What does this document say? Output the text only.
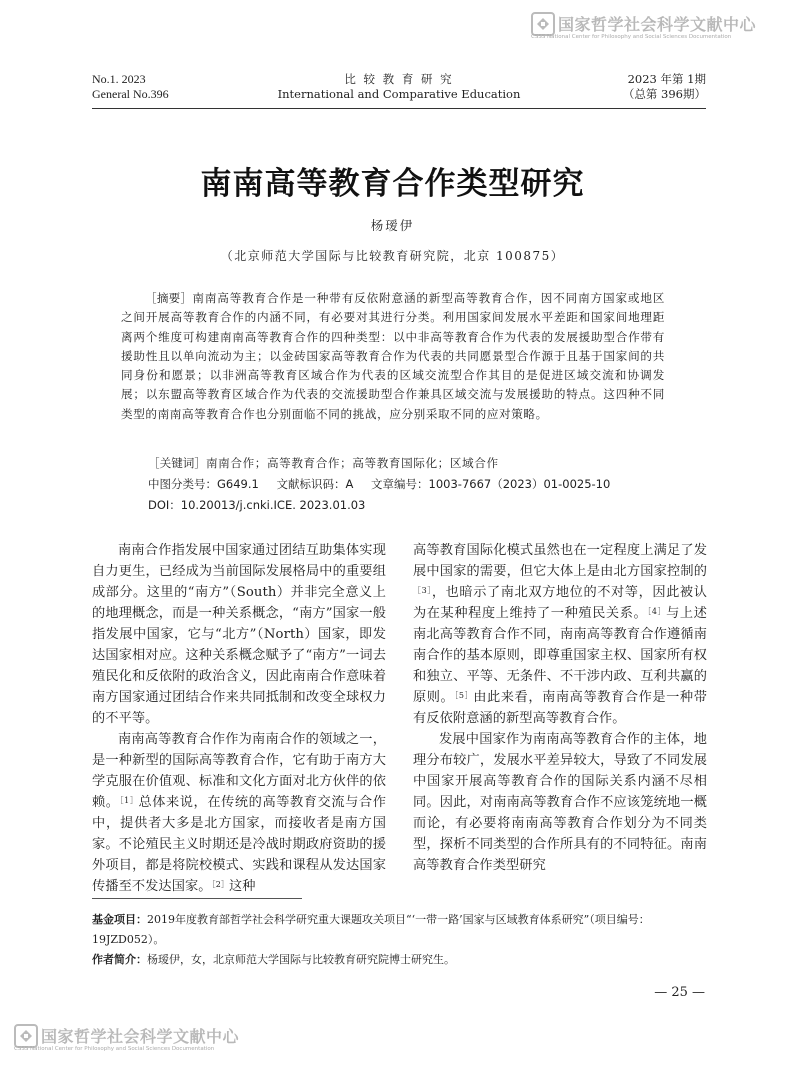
国家哲学社会科学文献中心
CSSS National Center for Philosophy and Social Sciences Documentation
No.1. 2023
General No.396
比 较 教 育 研 究
International and Comparative Education
2023 年第 1期
（总第 396期）
南南高等教育合作类型研究
杨瑷伊
（北京师范大学国际与比较教育研究院，北京 100875）
［摘要］南南高等教育合作是一种带有反依附意涵的新型高等教育合作，因不同南方国家或地区之间开展高等教育合作的内涵不同，有必要对其进行分类。利用国家间发展水平差距和国家间地理距离两个维度可构建南南高等教育合作的四种类型：以中非高等教育合作为代表的发展援助型合作带有援助性且以单向流动为主；以金砖国家高等教育合作为代表的共同愿景型合作源于且基于国家间的共同身份和愿景；以非洲高等教育区域合作为代表的区域交流型合作其目的是促进区域交流和协调发展；以东盟高等教育区域合作为代表的交流援助型合作兼具区域交流与发展援助的特点。这四种不同类型的南南高等教育合作也分别面临不同的挑战，应分别采取不同的应对策略。
［关键词］南南合作；高等教育合作；高等教育国际化；区域合作
中图分类号：G649.1 文献标识码：A 文章编号：1003-7667（2023）01-0025-10
DOI：10.20013/j.cnki.ICE. 2023.01.03

南南合作指发展中国家通过团结互助集体实现自力更生，已经成为当前国际发展格局中的重要组成部分。这里的“南方”（South）并非完全意义上的地理概念，而是一种关系概念，“南方”国家一般指发展中国家，它与“北方”（North）国家，即发达国家相对应。这种关系概念赋予了“南方”一词去殖民化和反依附的政治含义，因此南南合作意味着南方国家通过团结合作来共同抵制和改变全球权力的不平等。

南南高等教育合作作为南南合作的领域之一，是一种新型的国际高等教育合作，它有助于南方大学克服在价值观、标准和文化方面对北方伙伴的依赖。$^{[1]}$总体来说，在传统的高等教育交流与合作中，提供者大多是北方国家，而接收者是南方国家。不论殖民主义时期还是冷战时期政府资助的援外项目，都是将院校模式、实践和课程从发达国家传播至不发达国家。$^{[2]}$这种

高等教育国际化模式虽然也在一定程度上满足了发展中国家的需要，但它大体上是由北方国家控制的$^{[3]}$，也暗示了南北双方地位的不对等，因此被认为在某种程度上维持了一种殖民关系。$^{[4]}$与上述南北高等教育合作不同，南南高等教育合作遵循南南合作的基本原则，即尊重国家主权、国家所有权和独立、平等、无条件、不干涉内政、互利共赢的原则。$^{[5]}$由此来看，南南高等教育合作是一种带有反依附意涵的新型高等教育合作。

发展中国家作为南南高等教育合作的主体，地理分布较广，发展水平差异较大，导致了不同发展中国家开展高等教育合作的国际关系内涵不尽相同。因此，对南南高等教育合作不应该笼统地一概而论，有必要将南南高等教育合作划分为不同类型，探析不同类型的合作所具有的不同特征。南南高等教育合作类型研究

基金项目：2019年度教育部哲学社会科学研究重大课题攻关项目“‘一带一路’国家与区域教育体系研究”（项目编号：19JZD052）。
作者简介：杨瑷伊，女，北京师范大学国际与比较教育研究院博士研究生。
— 25 —
国家哲学社会科学文献中心
CSSS National Center for Philosophy and Social Sciences Documentation
